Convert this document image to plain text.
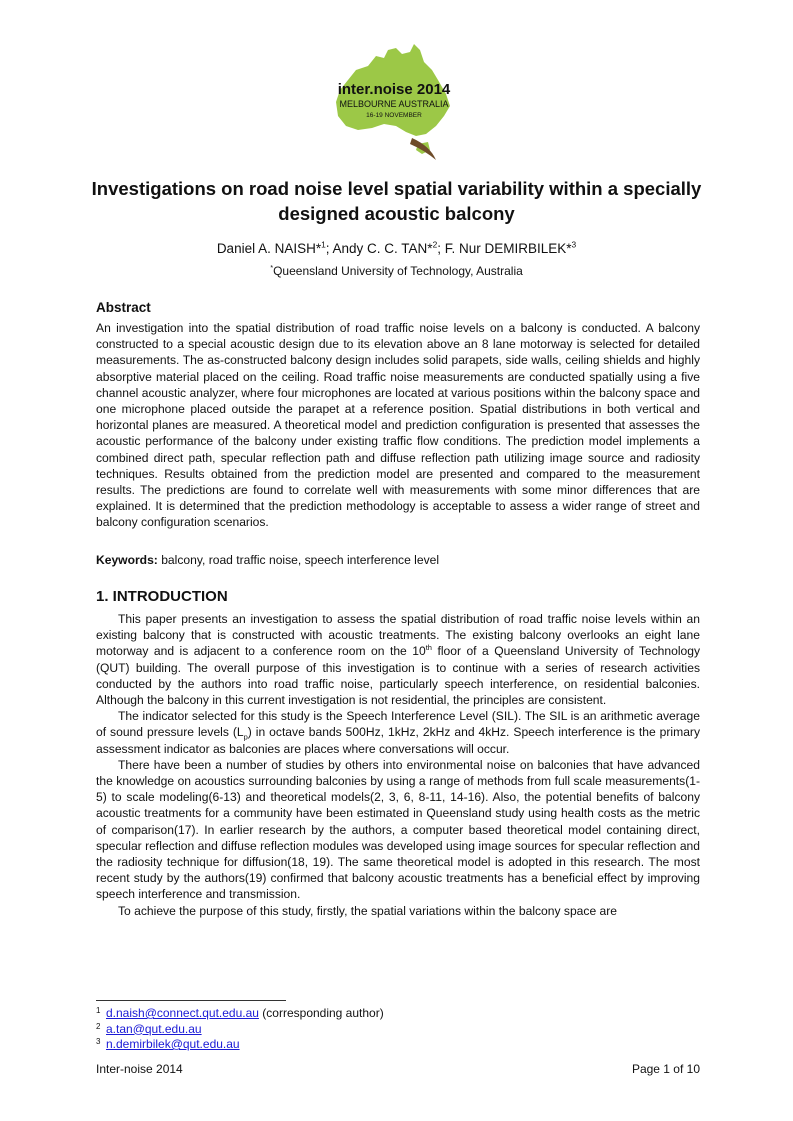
inter.noise 2014
MELBOURNE AUSTRALIA
16-19 NOVEMBER
Investigations on road noise level spatial variability within a specially designed acoustic balcony
Daniel A. NAISH*$^1$; Andy C. C. TAN*$^2$; F. Nur DEMIRBILEK*$^3$
*Queensland University of Technology, Australia
Abstract

An investigation into the spatial distribution of road traffic noise levels on a balcony is conducted. A balcony constructed to a special acoustic design due to its elevation above an 8 lane motorway is selected for detailed measurements. The as-constructed balcony design includes solid parapets, side walls, ceiling shields and highly absorptive material placed on the ceiling. Road traffic noise measurements are conducted spatially using a five channel acoustic analyzer, where four microphones are located at various positions within the balcony space and one microphone placed outside the parapet at a reference position. Spatial distributions in both vertical and horizontal planes are measured. A theoretical model and prediction configuration is presented that assesses the acoustic performance of the balcony under existing traffic flow conditions. The prediction model implements a combined direct path, specular reflection path and diffuse reflection path utilizing image source and radiosity techniques. Results obtained from the prediction model are presented and compared to the measurement results. The predictions are found to correlate well with measurements with some minor differences that are explained. It is determined that the prediction methodology is acceptable to assess a wider range of street and balcony configuration scenarios.

Keywords: balcony, road traffic noise, speech interference level

1. INTRODUCTION

This paper presents an investigation to assess the spatial distribution of road traffic noise levels within an existing balcony that is constructed with acoustic treatments. The existing balcony overlooks an eight lane motorway and is adjacent to a conference room on the 10th floor of a Queensland University of Technology (QUT) building. The overall purpose of this investigation is to continue with a series of research activities conducted by the authors into road traffic noise, particularly speech interference, on residential balconies. Although the balcony in this current investigation is not residential, the principles are consistent.

The indicator selected for this study is the Speech Interference Level (SIL). The SIL is an arithmetic average of sound pressure levels $(L_p)$ in octave bands 500Hz, 1kHz, 2kHz and 4kHz. Speech interference is the primary assessment indicator as balconies are places where conversations will occur.

There have been a number of studies by others into environmental noise on balconies that have advanced the knowledge on acoustics surrounding balconies by using a range of methods from full scale measurements(1-5) to scale modeling(6-13) and theoretical models(2, 3, 6, 8-11, 14-16). Also, the potential benefits of balcony acoustic treatments for a community have been estimated in Queensland study using health costs as the metric of comparison(17). In earlier research by the authors, a computer based theoretical model containing direct, specular reflection and diffuse reflection modules was developed using image sources for specular reflection and the radiosity technique for diffusion(18, 19). The same theoretical model is adopted in this research. The most recent study by the authors(19) confirmed that balcony acoustic treatments has a beneficial effect by improving speech interference and transmission.

To achieve the purpose of this study, firstly, the spatial variations within the balcony space are

1 d.naish@connect.qut.edu.au (corresponding author)
2 a.tan@qut.edu.au
3 n.demirbilek@qut.edu.au
Inter-noise 2014	Page 1 of 10
